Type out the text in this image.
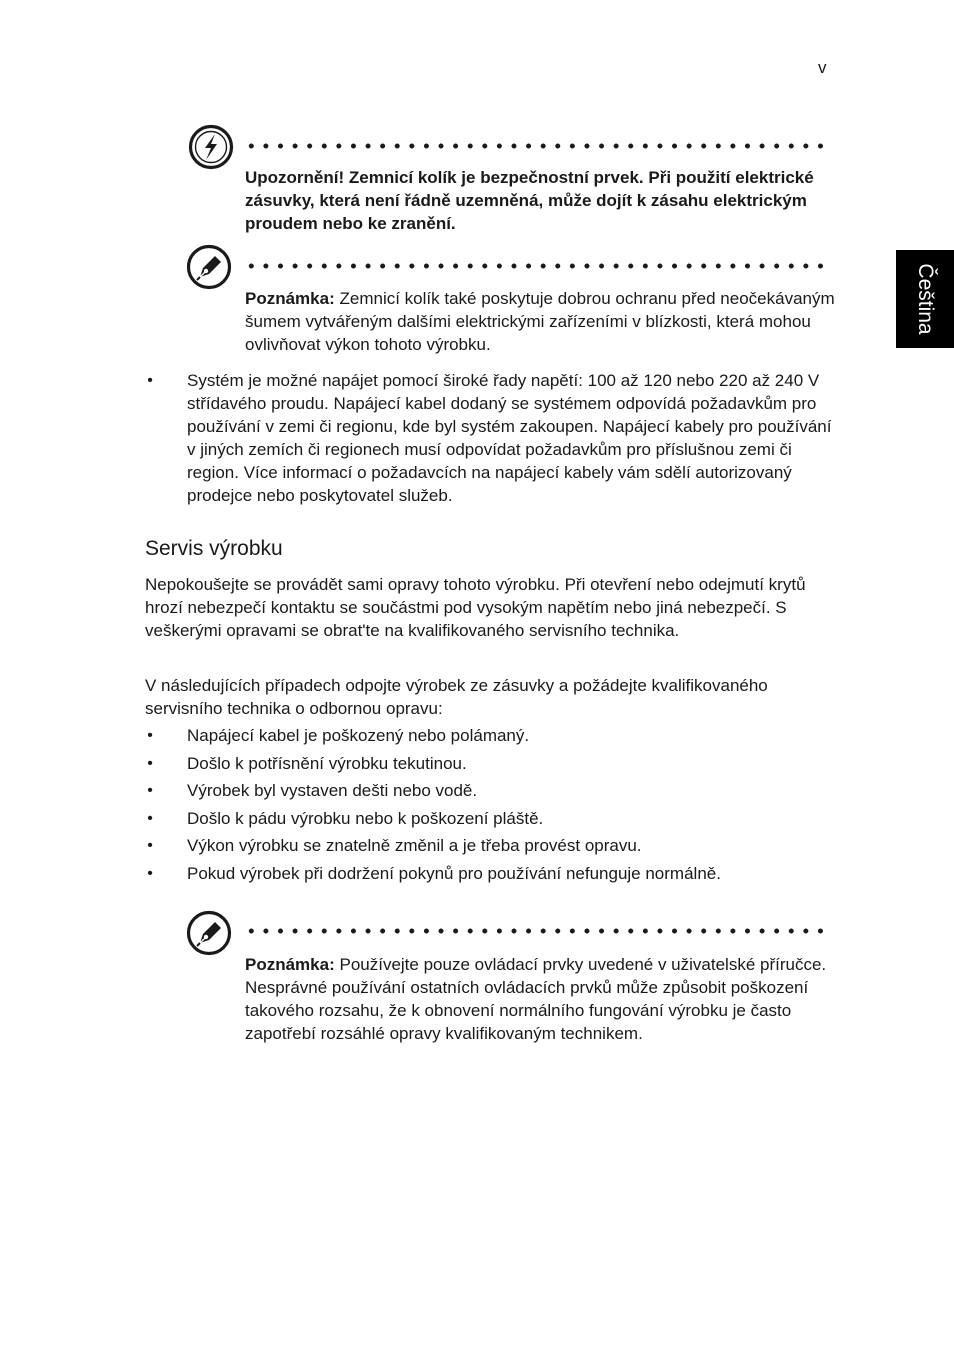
v
Čeština
Upozornění! Zemnicí kolík je bezpečnostní prvek. Při použití elektrické zásuvky, která není řádně uzemněná, může dojít k zásahu elektrickým proudem nebo ke zranění.
Poznámka: Zemnicí kolík také poskytuje dobrou ochranu před neočekávaným šumem vytvářeným dalšími elektrickými zařízeními v blízkosti, která mohou ovlivňovat výkon tohoto výrobku.
• Systém je možné napájet pomocí široké řady napětí: 100 až 120 nebo 220 až 240 V střídavého proudu. Napájecí kabel dodaný se systémem odpovídá požadavkům pro používání v zemi či regionu, kde byl systém zakoupen. Napájecí kabely pro používání v jiných zemích či regionech musí odpovídat požadavkům pro příslušnou zemi či region. Více informací o požadavcích na napájecí kabely vám sdělí autorizovaný prodejce nebo poskytovatel služeb.
Servis výrobku

Nepokoušejte se provádět sami opravy tohoto výrobku. Při otevření nebo odejmutí krytů hrozí nebezpečí kontaktu se součástmi pod vysokým napětím nebo jiná nebezpečí. S veškerými opravami se obrat'te na kvalifikovaného servisního technika.

V následujících případech odpojte výrobek ze zásuvky a požádejte kvalifikovaného servisního technika o odbornou opravu:

• Napájecí kabel je poškozený nebo polámaný.
• Došlo k potřísnění výrobku tekutinou.
• Výrobek byl vystaven dešti nebo vodě.
• Došlo k pádu výrobku nebo k poškození pláště.
• Výkon výrobku se znatelně změnil a je třeba provést opravu.
• Pokud výrobek při dodržení pokynů pro používání nefunguje normálně.
Poznámka: Používejte pouze ovládací prvky uvedené v uživatelské příručce. Nesprávné používání ostatních ovládacích prvků může způsobit poškození takového rozsahu, že k obnovení normálního fungování výrobku je často zapotřebí rozsáhlé opravy kvalifikovaným technikem.
